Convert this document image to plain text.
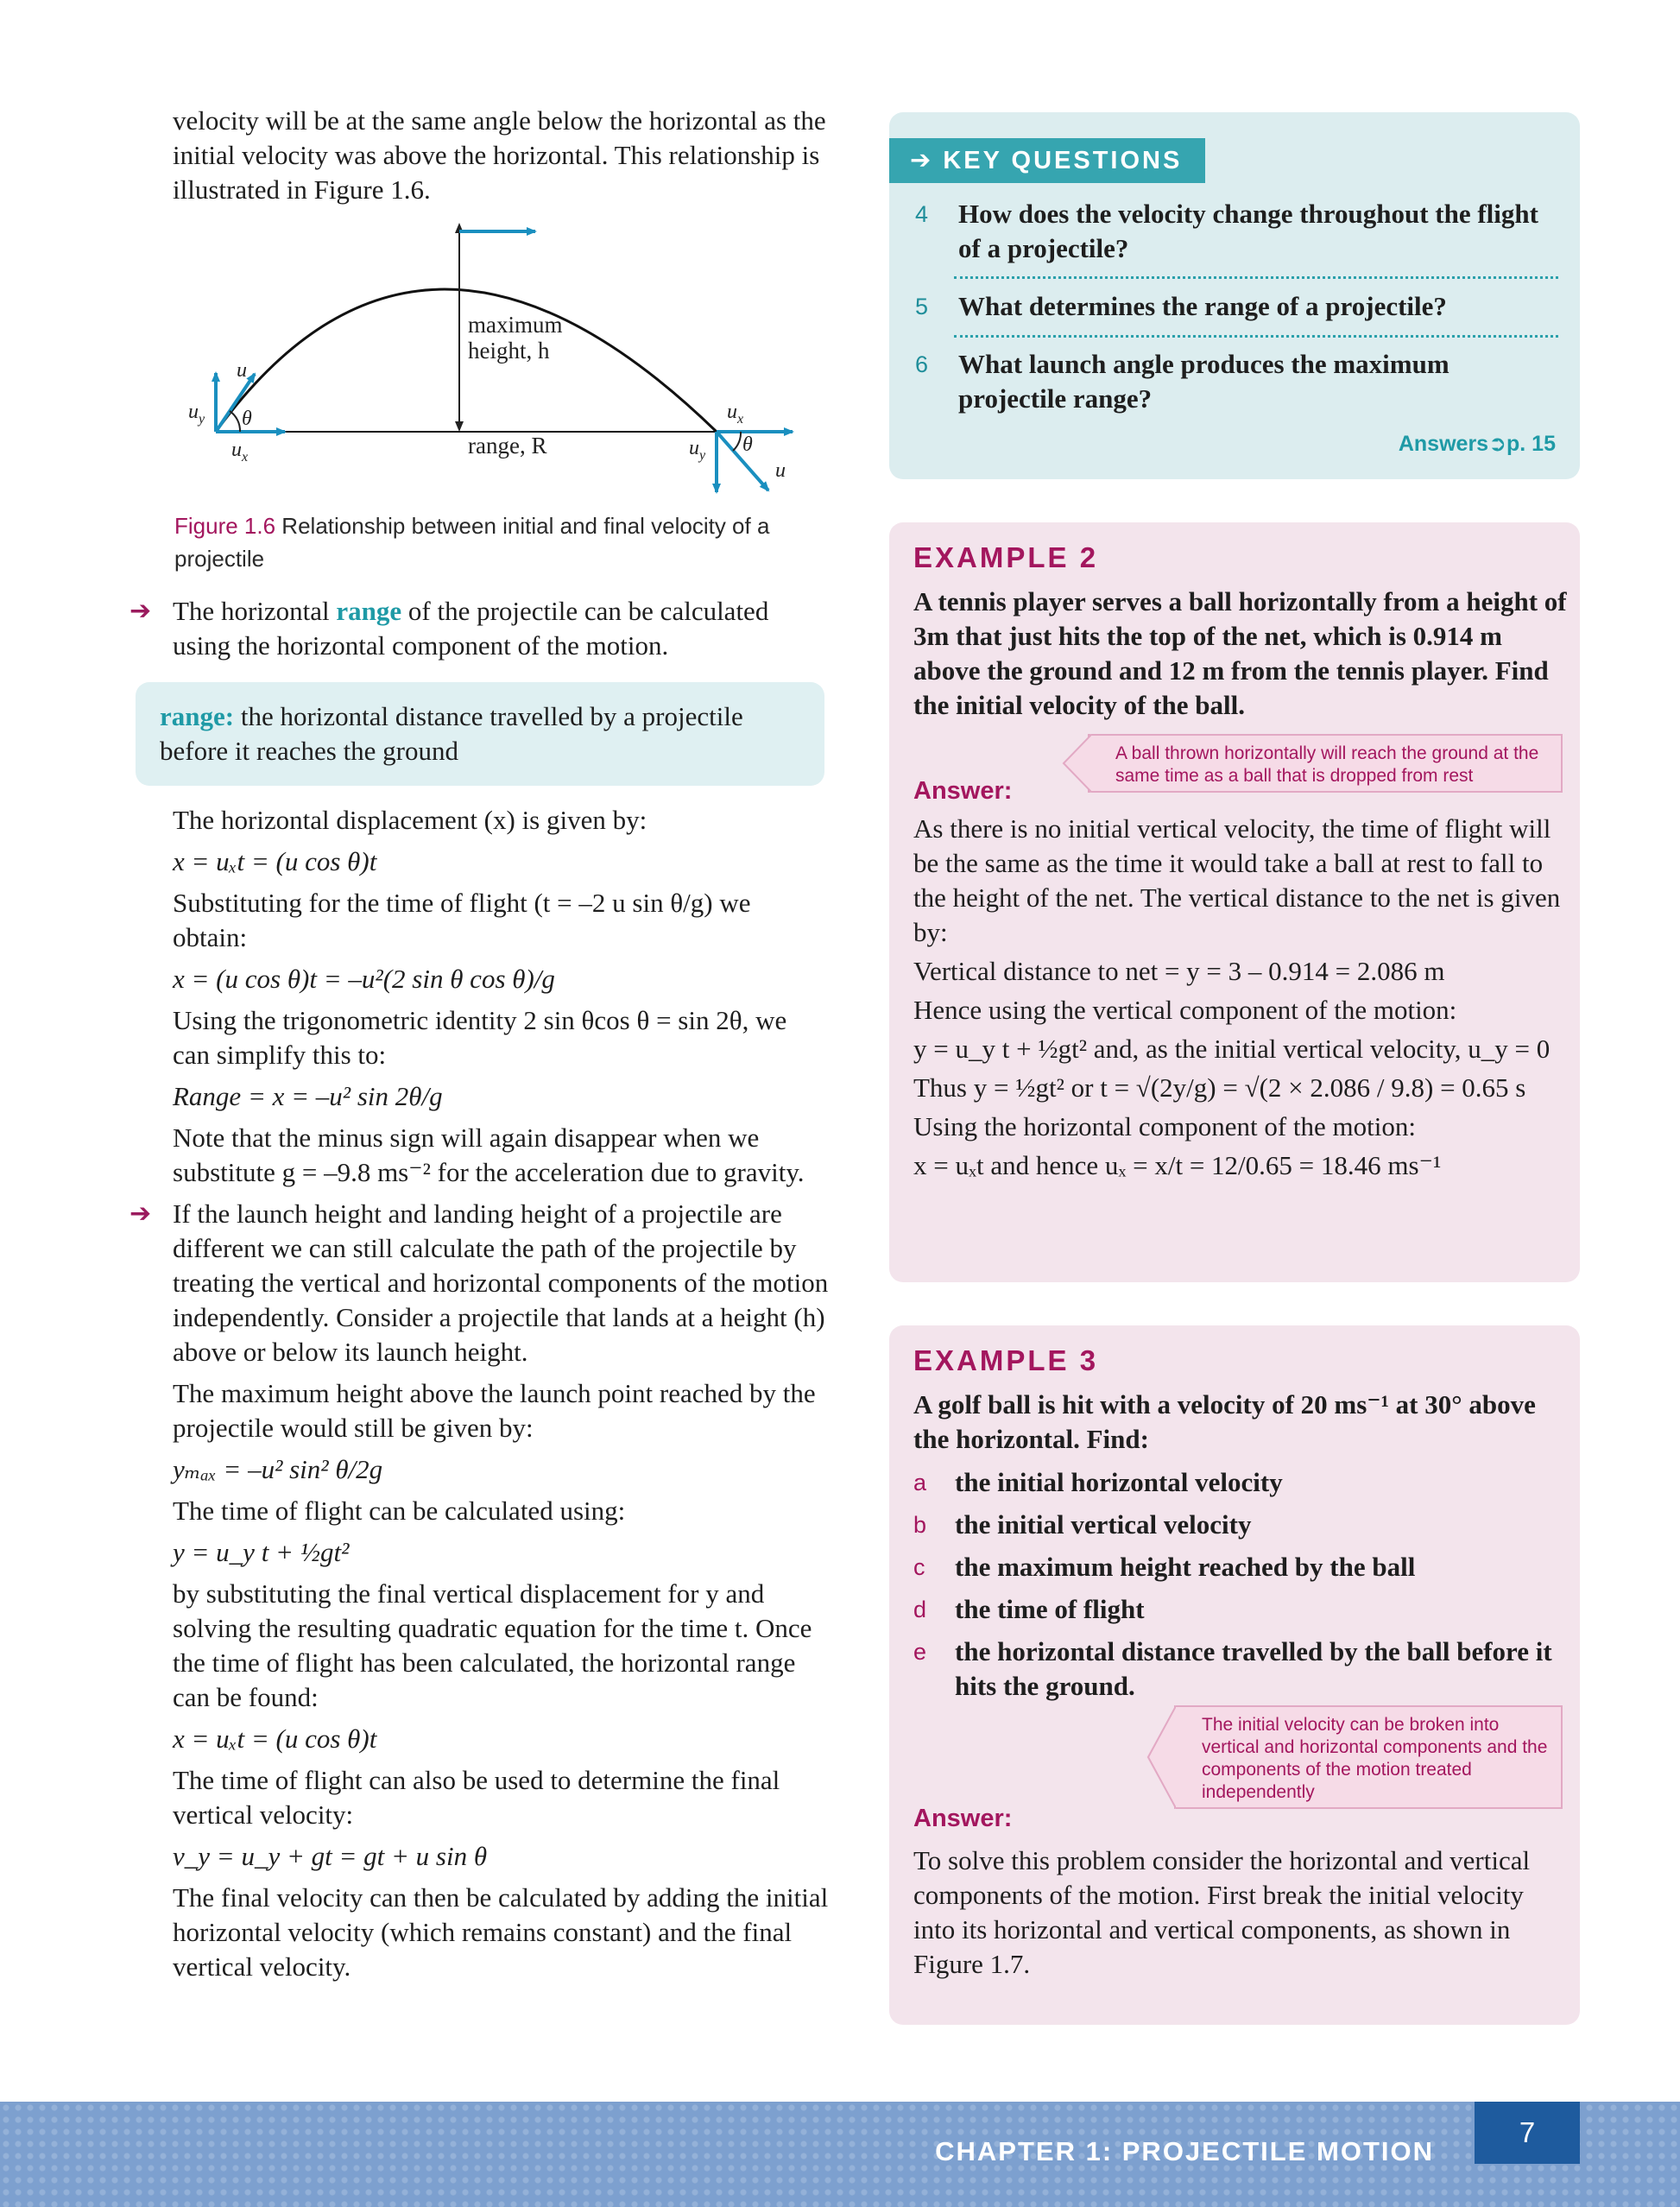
velocity will be at the same angle below the horizontal as the initial velocity was above the horizontal. This relationship is illustrated in Figure 1.6.

maximum
height, h
range, R
u
u y θ
u x
u x
u y θ
u
Figure 1.6 Relationship between initial and final velocity of a projectile
➔ The horizontal range of the projectile can be calculated using the horizontal component of the motion.
range: the horizontal distance travelled by a projectile before it reaches the ground

The horizontal displacement (x) is given by:

x = uₓt = (u cos θ)t

Substituting for the time of flight (t = –2 u sin θ/g) we obtain:

x = (u cos θ)t = –u²(2 sin θ cos θ)/g

Using the trigonometric identity 2 sin θcos θ = sin 2θ, we can simplify this to:

Range = x = –u² sin 2θ/g

Note that the minus sign will again disappear when we substitute g = –9.8 ms⁻² for the acceleration due to gravity.

➔ If the launch height and landing height of a projectile are different we can still calculate the path of the projectile by treating the vertical and horizontal components of the motion independently. Consider a projectile that lands at a height (h) above or below its launch height.

The maximum height above the launch point reached by the projectile would still be given by:

yₘₐₓ = –u² sin² θ/2g

The time of flight can be calculated using:

y = u_y t + ½gt²

by substituting the final vertical displacement for y and solving the resulting quadratic equation for the time t. Once the time of flight has been calculated, the horizontal range can be found:

x = uₓt = (u cos θ)t

The time of flight can also be used to determine the final vertical velocity:

v_y = u_y + gt = gt + u sin θ

The final velocity can then be calculated by adding the initial horizontal velocity (which remains constant) and the final vertical velocity.

➔ KEY QUESTIONS
4 How does the velocity change throughout the flight of a projectile?
5 What determines the range of a projectile?
6 What launch angle produces the maximum projectile range?
Answers➲p. 15
EXAMPLE 2
A tennis player serves a ball horizontally from a height of 3m that just hits the top of the net, which is 0.914 m above the ground and 12 m from the tennis player. Find the initial velocity of the ball.
A ball thrown horizontally will reach the ground at the same time as a ball that is dropped from rest
Answer:

As there is no initial vertical velocity, the time of flight will be the same as the time it would take a ball at rest to fall to the height of the net. The vertical distance to the net is given by:

Vertical distance to net = y = 3 – 0.914 = 2.086 m

Hence using the vertical component of the motion:

y = u_y t + ½gt² and, as the initial vertical velocity, u_y = 0

Thus y = ½gt² or t = √(2y/g) = √(2 × 2.086 / 9.8) = 0.65 s

Using the horizontal component of the motion:

x = uₓt and hence uₓ = x/t = 12/0.65 = 18.46 ms⁻¹

EXAMPLE 3
A golf ball is hit with a velocity of 20 ms⁻¹ at 30° above the horizontal. Find:
a the initial horizontal velocity
b the initial vertical velocity
c the maximum height reached by the ball
d the time of flight
e the horizontal distance travelled by the ball before it hits the ground.
The initial velocity can be broken into vertical and horizontal components and the components of the motion treated independently
Answer:

To solve this problem consider the horizontal and vertical components of the motion. First break the initial velocity into its horizontal and vertical components, as shown in Figure 1.7.

CHAPTER 1: PROJECTILE MOTION
7
